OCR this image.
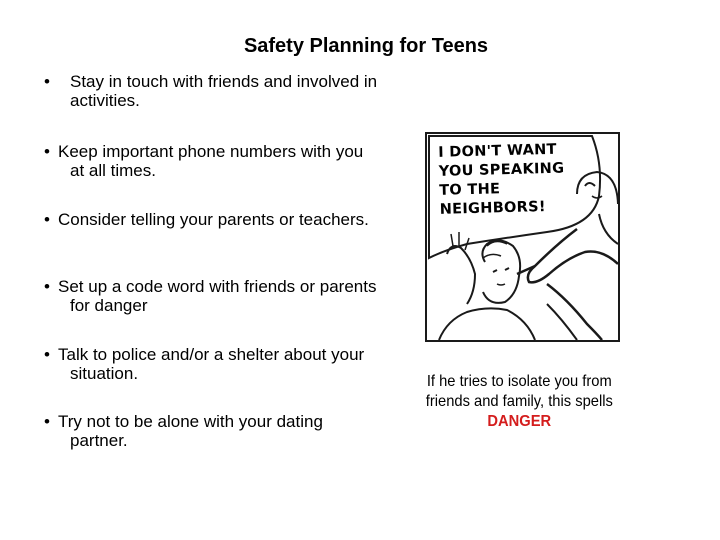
Safety Planning for Teens
• Stay in touch with friends and involved in activities.
• Keep important phone numbers with you at all times.
• Consider telling your parents or teachers.
• Set up a code word with friends or parents for danger
• Talk to police and/or a shelter about your situation.
• Try not to be alone with your dating partner.
I DON'T WANT YOU SPEAKING TO THE NEIGHBORS!
If he tries to isolate you from friends and family, this spells DANGER
